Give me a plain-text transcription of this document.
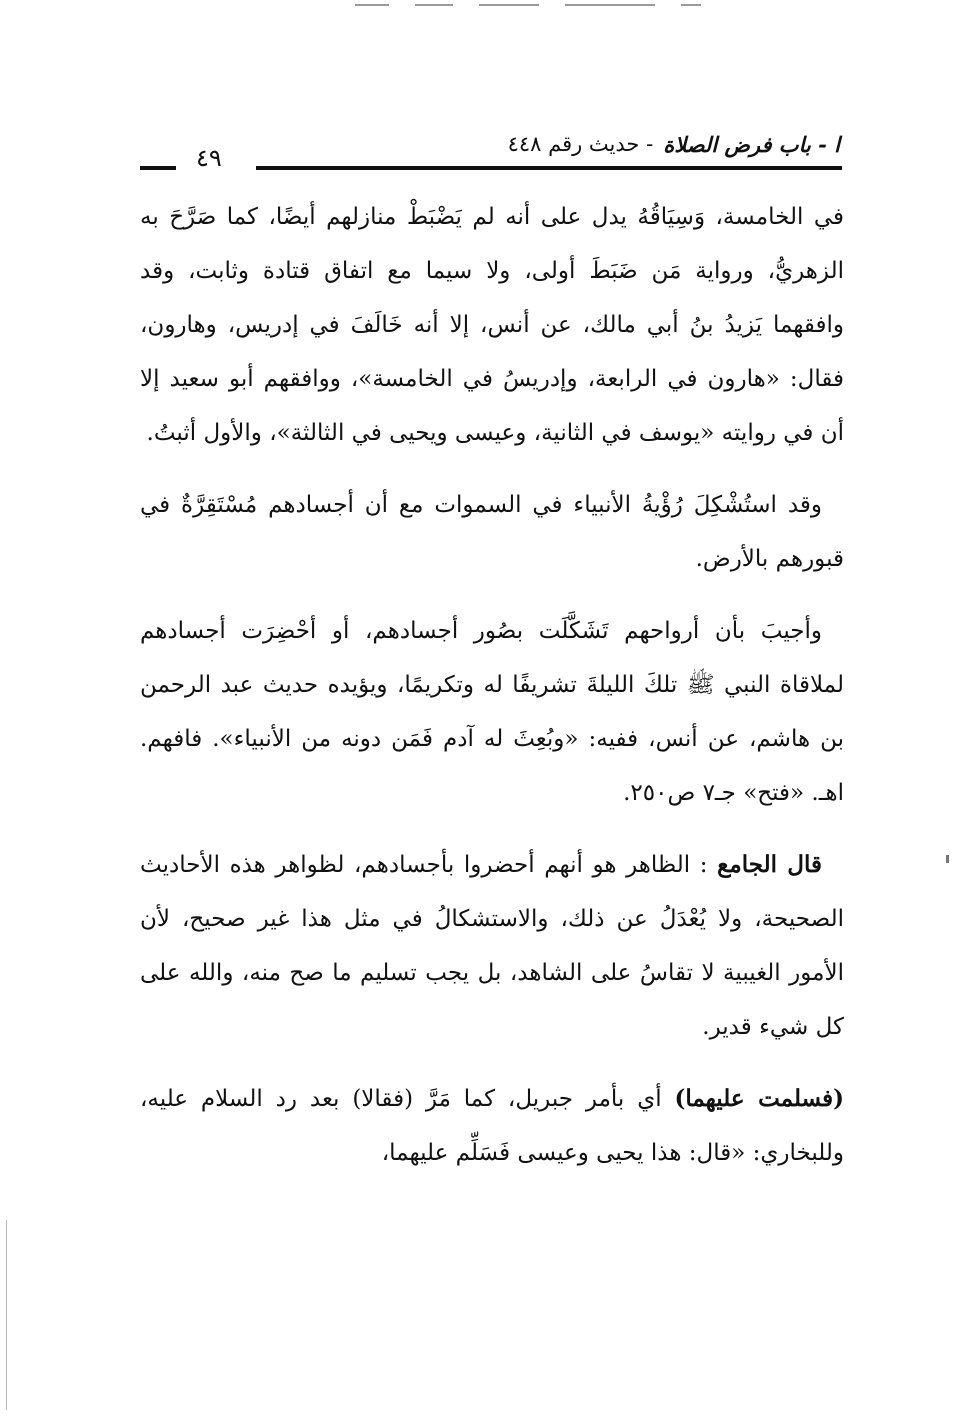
ا - باب فرض الصلاة
- حديث رقم ٤٤٨
٤٩

في الخامسة، وَسِيَاقُهُ يدل على أنه لم يَضْبَطْ منازلهم أيضًا، كما صَرَّحَ به الزهريُّ، ورواية مَن ضَبَطَ أولى، ولا سيما مع اتفاق قتادة وثابت، وقد وافقهما يَزيدُ بنُ أبي مالك، عن أنس، إلا أنه خَالَفَ في إدريس، وهارون، فقال: «هارون في الرابعة، وإدريسُ في الخامسة»، ووافقهم أبو سعيد إلا أن في روايته «يوسف في الثانية، وعيسى ويحيى في الثالثة»، والأول أثبتُ.

وقد استُشْكِلَ رُؤْيةُ الأنبياء في السموات مع أن أجسادهم مُسْتَقِرَّةٌ في قبورهم بالأرض.

وأجيبَ بأن أرواحهم تَشَكَّلَت بصُور أجسادهم، أو أحْضِرَت أجسادهم لملاقاة النبي ﷺ تلكَ الليلةَ تشريفًا له وتكريمًا، ويؤيده حديث عبد الرحمن بن هاشم، عن أنس، ففيه: «وبُعِثَ له آدم فَمَن دونه من الأنبياء». فافهم. اهـ. «فتح» جـ٧ ص٢٥٠.

قال الجامع : الظاهر هو أنهم أحضروا بأجسادهم، لظواهر هذه الأحاديث الصحيحة، ولا يُعْدَلُ عن ذلك، والاستشكالُ في مثل هذا غير صحيح، لأن الأمور الغيبية لا تقاسُ على الشاهد، بل يجب تسليم ما صح منه، والله على كل شيء قدير.

(فسلمت عليهما) أي بأمر جبريل، كما مَرَّ (فقالا) بعد رد السلام عليه، وللبخاري: «قال: هذا يحيى وعيسى فَسَلِّم عليهما،
